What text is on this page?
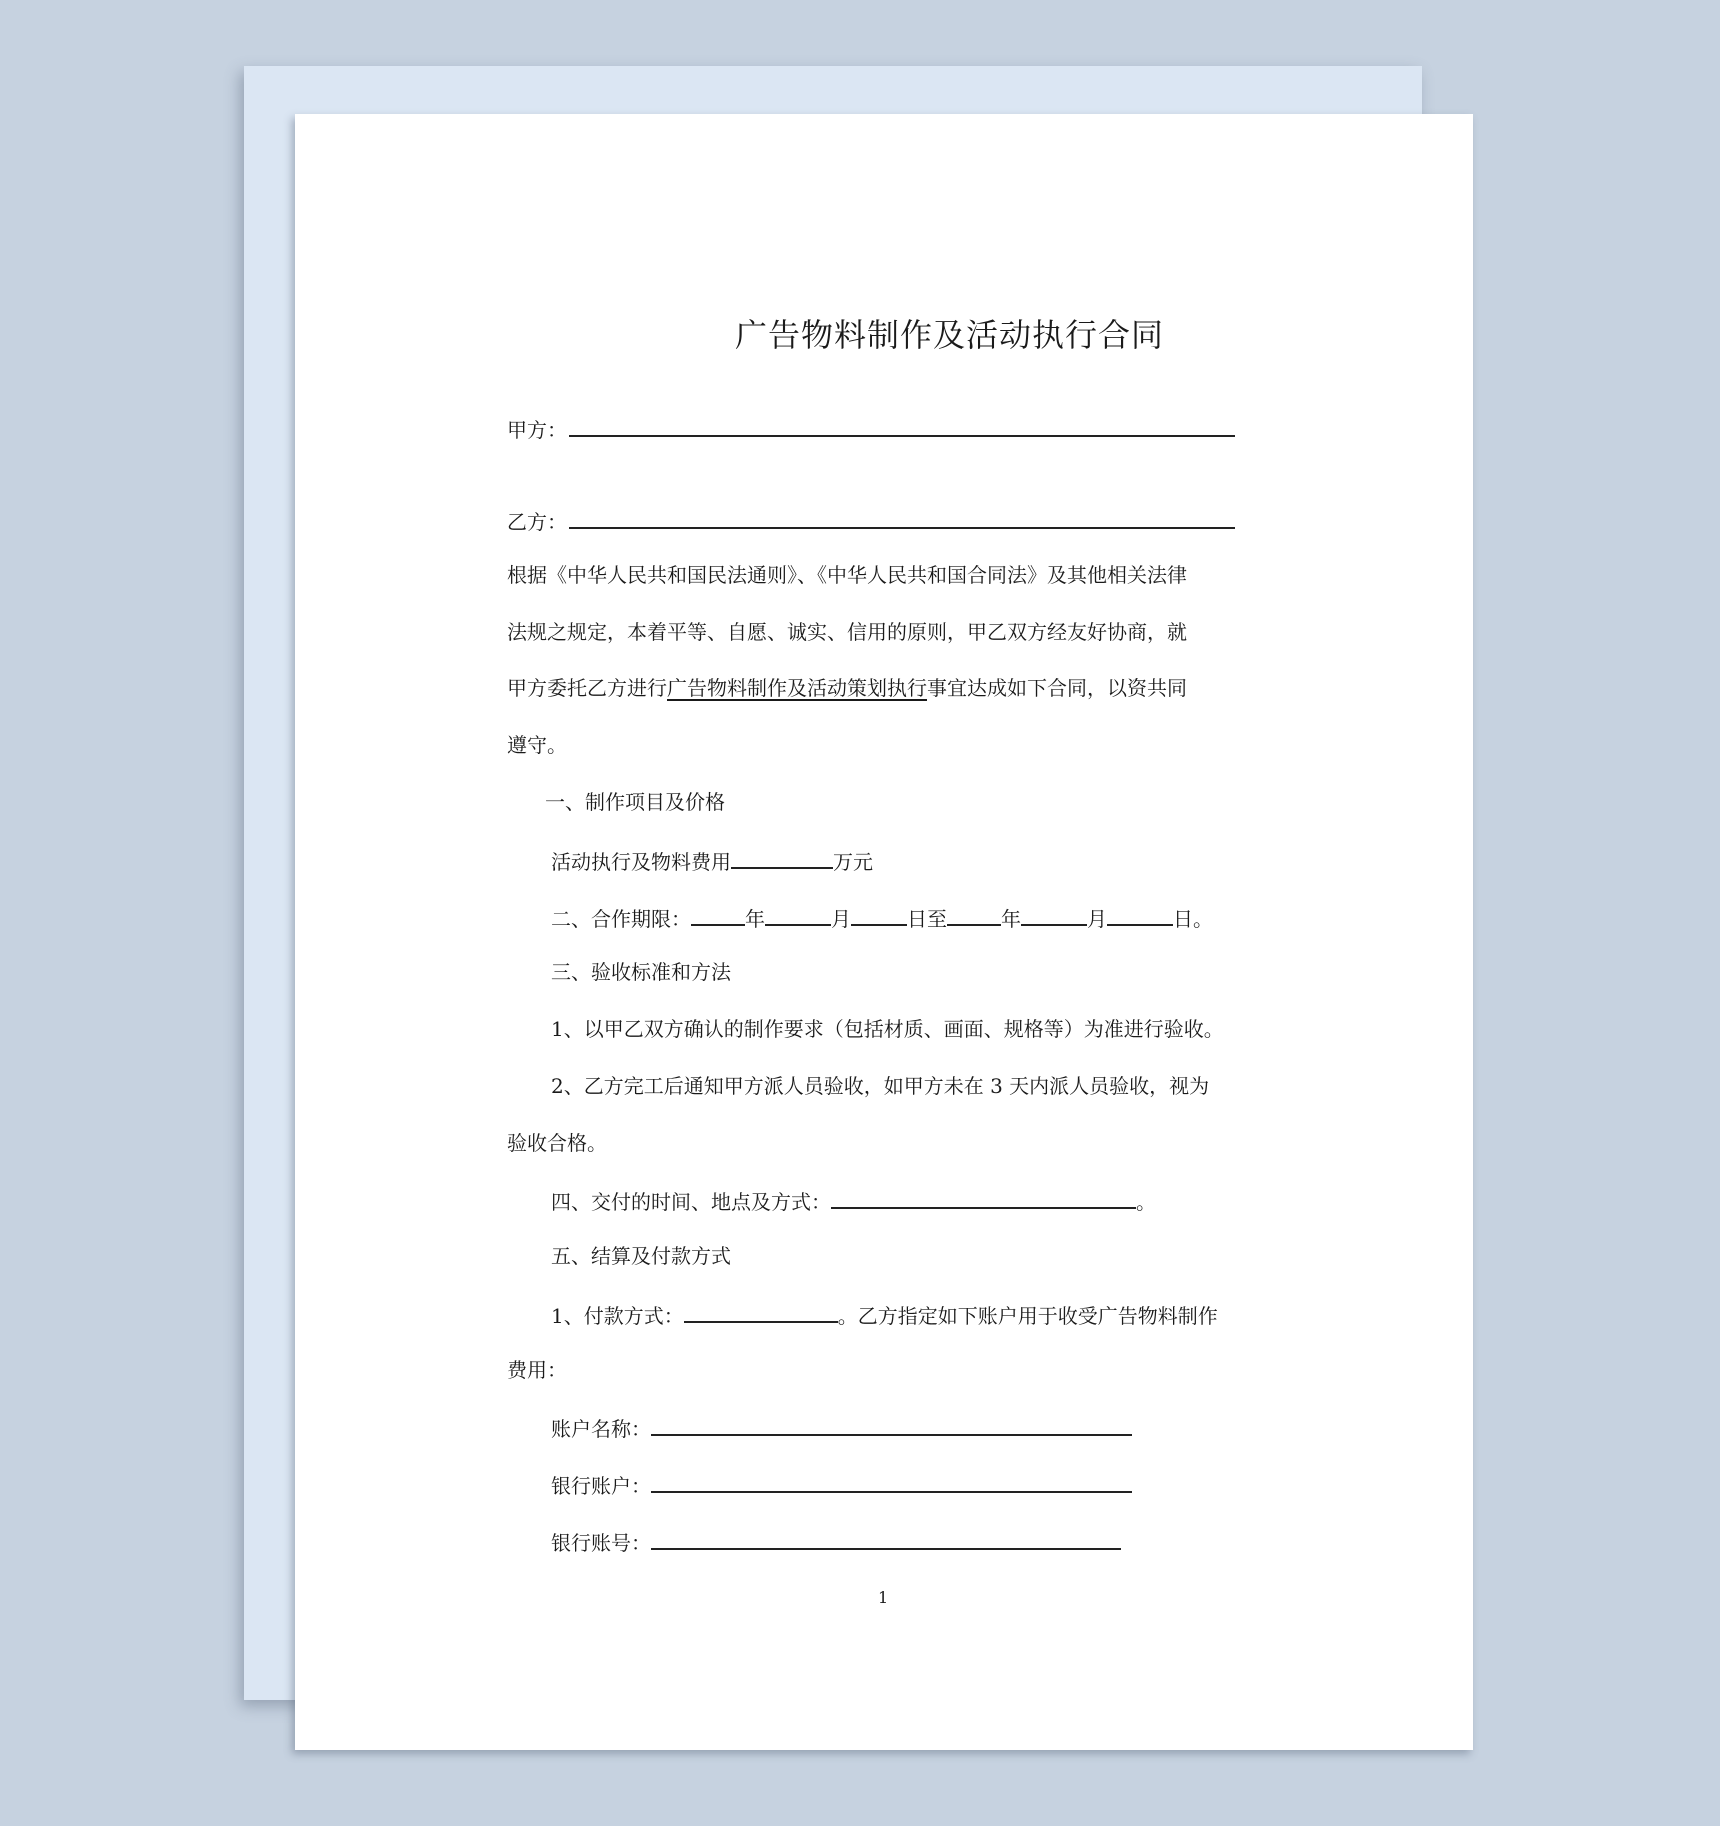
广告物料制作及活动执行合同
甲方：
乙方：
根据《中华人民共和国民法通则》、《中华人民共和国合同法》及其他相关法律
法规之规定，本着平等、自愿、诚实、信用的原则，甲乙双方经友好协商，就
甲方委托乙方进行广告物料制作及活动策划执行事宜达成如下合同，以资共同
遵守。
一、制作项目及价格
活动执行及物料费用	万元
二、合作期限：	年	月	日至	年	月	日。
三、验收标准和方法
1、以甲乙双方确认的制作要求（包括材质、画面、规格等）为准进行验收。
2、乙方完工后通知甲方派人员验收，如甲方未在 3 天内派人员验收，视为
验收合格。
四、交付的时间、地点及方式：	。
五、结算及付款方式
1、付款方式：	。乙方指定如下账户用于收受广告物料制作
费用：
账户名称：
银行账户：
银行账号：
1
